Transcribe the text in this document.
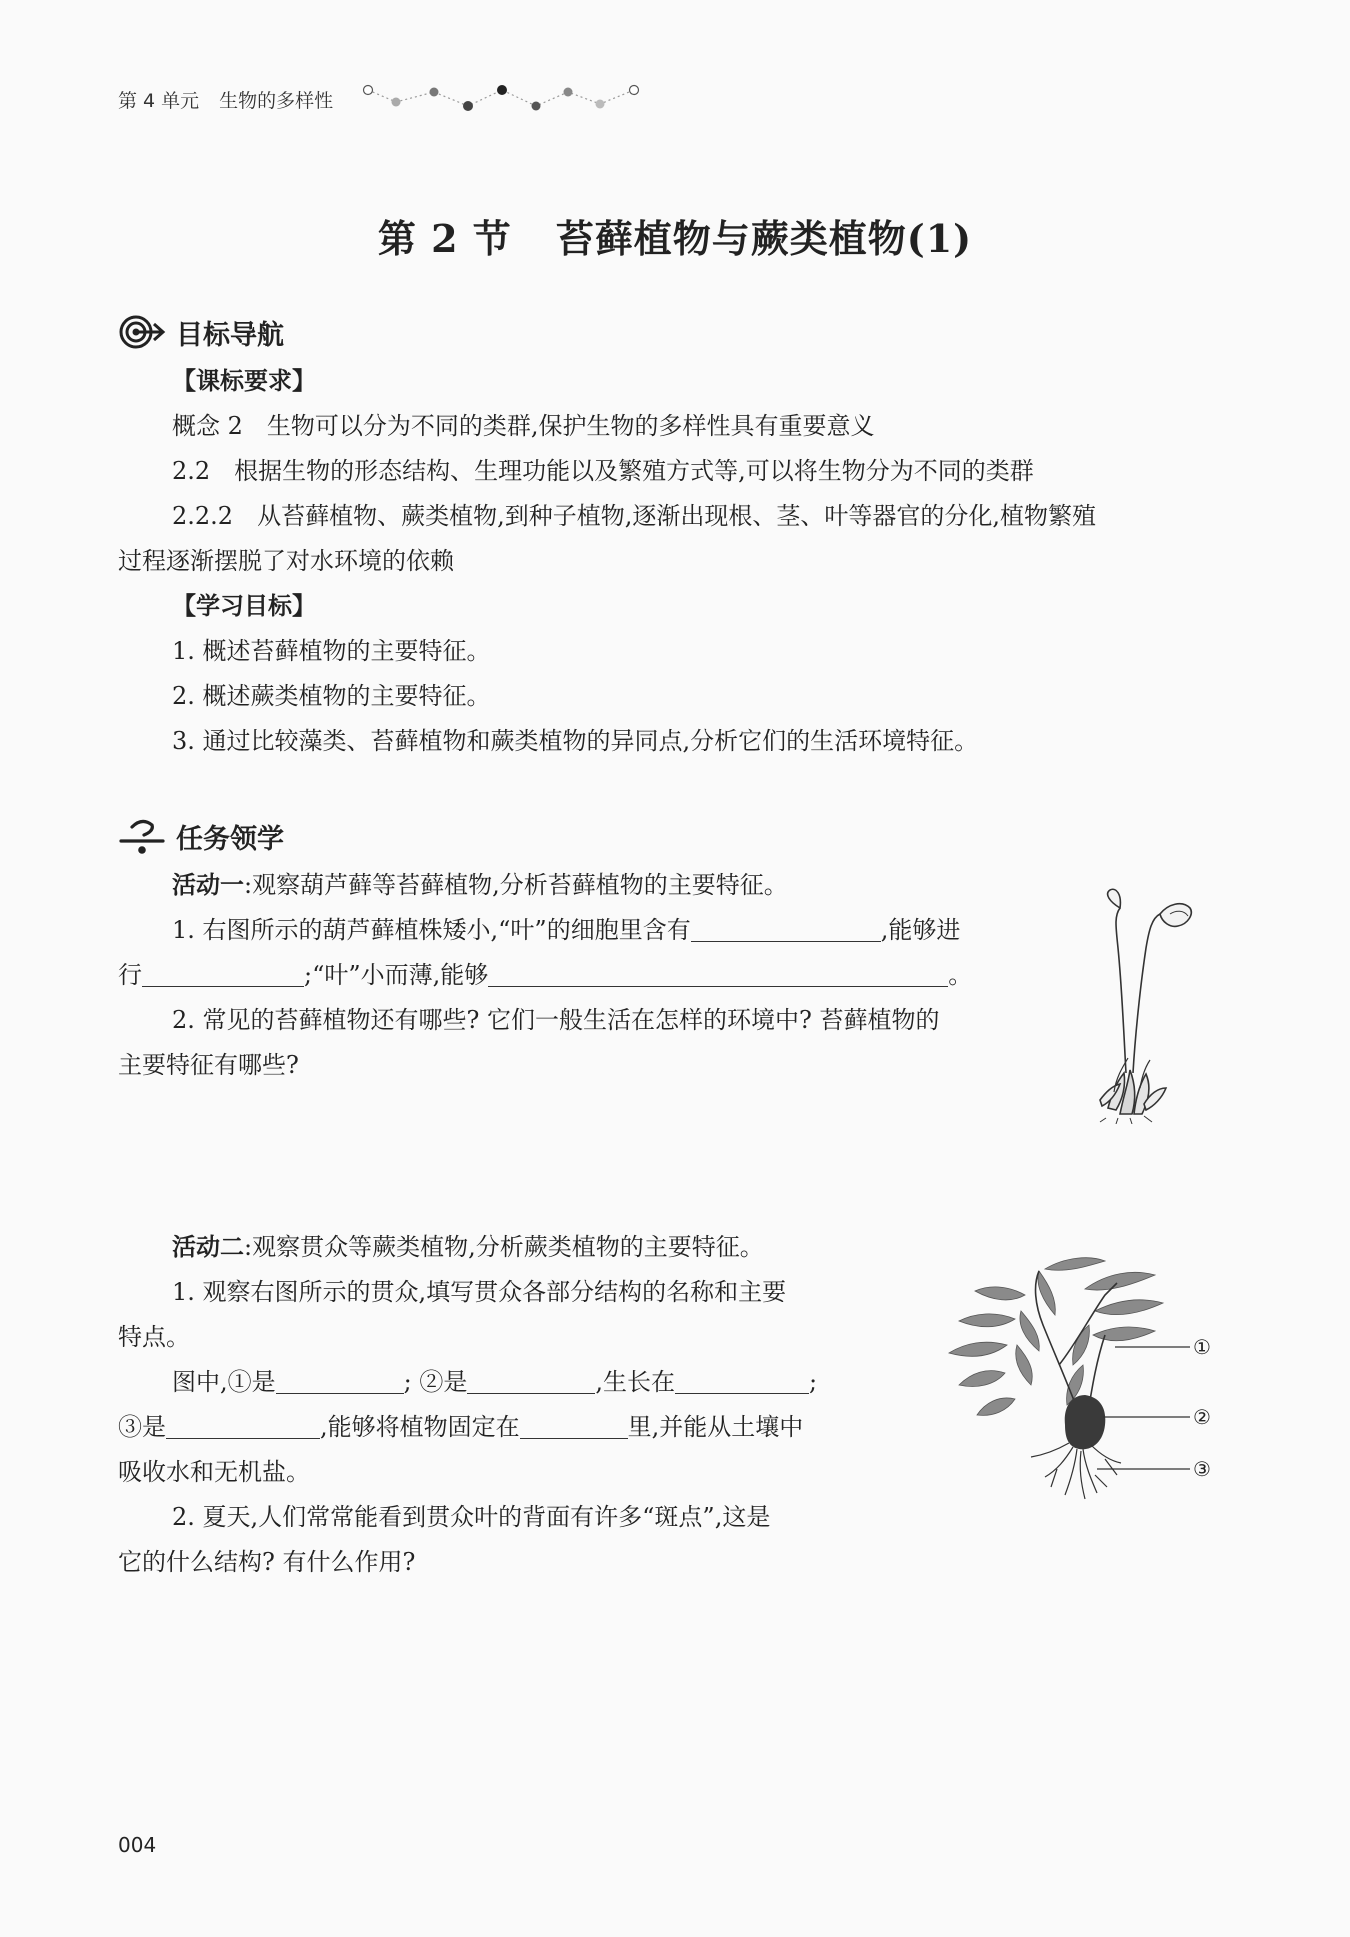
第 4 单元 生物的多样性
第 2 节 苔藓植物与蕨类植物(1)
目标导航
【课标要求】
概念 2　生物可以分为不同的类群,保护生物的多样性具有重要意义
2.2　根据生物的形态结构、生理功能以及繁殖方式等,可以将生物分为不同的类群
2.2.2　从苔藓植物、蕨类植物,到种子植物,逐渐出现根、茎、叶等器官的分化,植物繁殖
过程逐渐摆脱了对水环境的依赖
【学习目标】
1. 概述苔藓植物的主要特征。
2. 概述蕨类植物的主要特征。
3. 通过比较藻类、苔藓植物和蕨类植物的异同点,分析它们的生活环境特征。
任务领学
活动一:观察葫芦藓等苔藓植物,分析苔藓植物的主要特征。
1. 右图所示的葫芦藓植株矮小,“叶”的细胞里含有	,能够进
行	;“叶”小而薄,能够	。
2. 常见的苔藓植物还有哪些? 它们一般生活在怎样的环境中? 苔藓植物的
主要特征有哪些?
活动二:观察贯众等蕨类植物,分析蕨类植物的主要特征。
1. 观察右图所示的贯众,填写贯众各部分结构的名称和主要
特点。
图中,①是	; ②是	,生长在	;
③是	,能够将植物固定在	里,并能从土壤中
吸收水和无机盐。
2. 夏天,人们常常能看到贯众叶的背面有许多“斑点”,这是
它的什么结构? 有什么作用?
①
②
③
004
